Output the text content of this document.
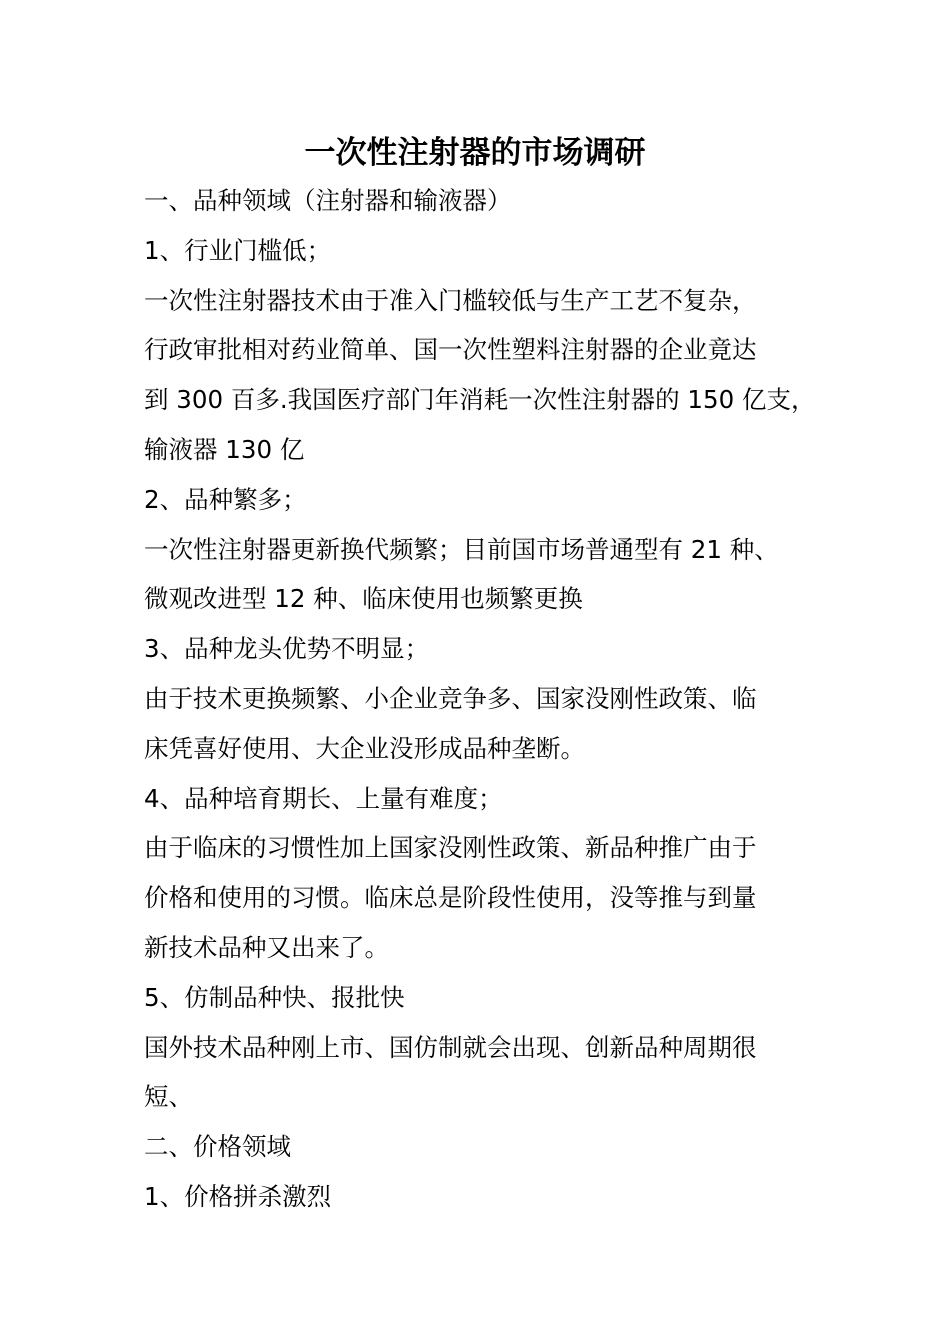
一次性注射器的市场调研
一、品种领域（注射器和输液器）
1、行业门槛低；
一次性注射器技术由于准入门槛较低与生产工艺不复杂，
行政审批相对药业简单、国一次性塑料注射器的企业竟达
到 300 百多.我国医疗部门年消耗一次性注射器的 150 亿支，
输液器 130 亿
2、品种繁多；
一次性注射器更新换代频繁；目前国市场普通型有 21 种、
微观改进型 12 种、临床使用也频繁更换
3、品种龙头优势不明显；
由于技术更换频繁、小企业竞争多、国家没刚性政策、临
床凭喜好使用、大企业没形成品种垄断。
4、品种培育期长、上量有难度；
由于临床的习惯性加上国家没刚性政策、新品种推广由于
价格和使用的习惯。临床总是阶段性使用，没等推与到量
新技术品种又出来了。
5、仿制品种快、报批快
国外技术品种刚上市、国仿制就会出现、创新品种周期很
短、
二、价格领域
1、价格拼杀激烈
